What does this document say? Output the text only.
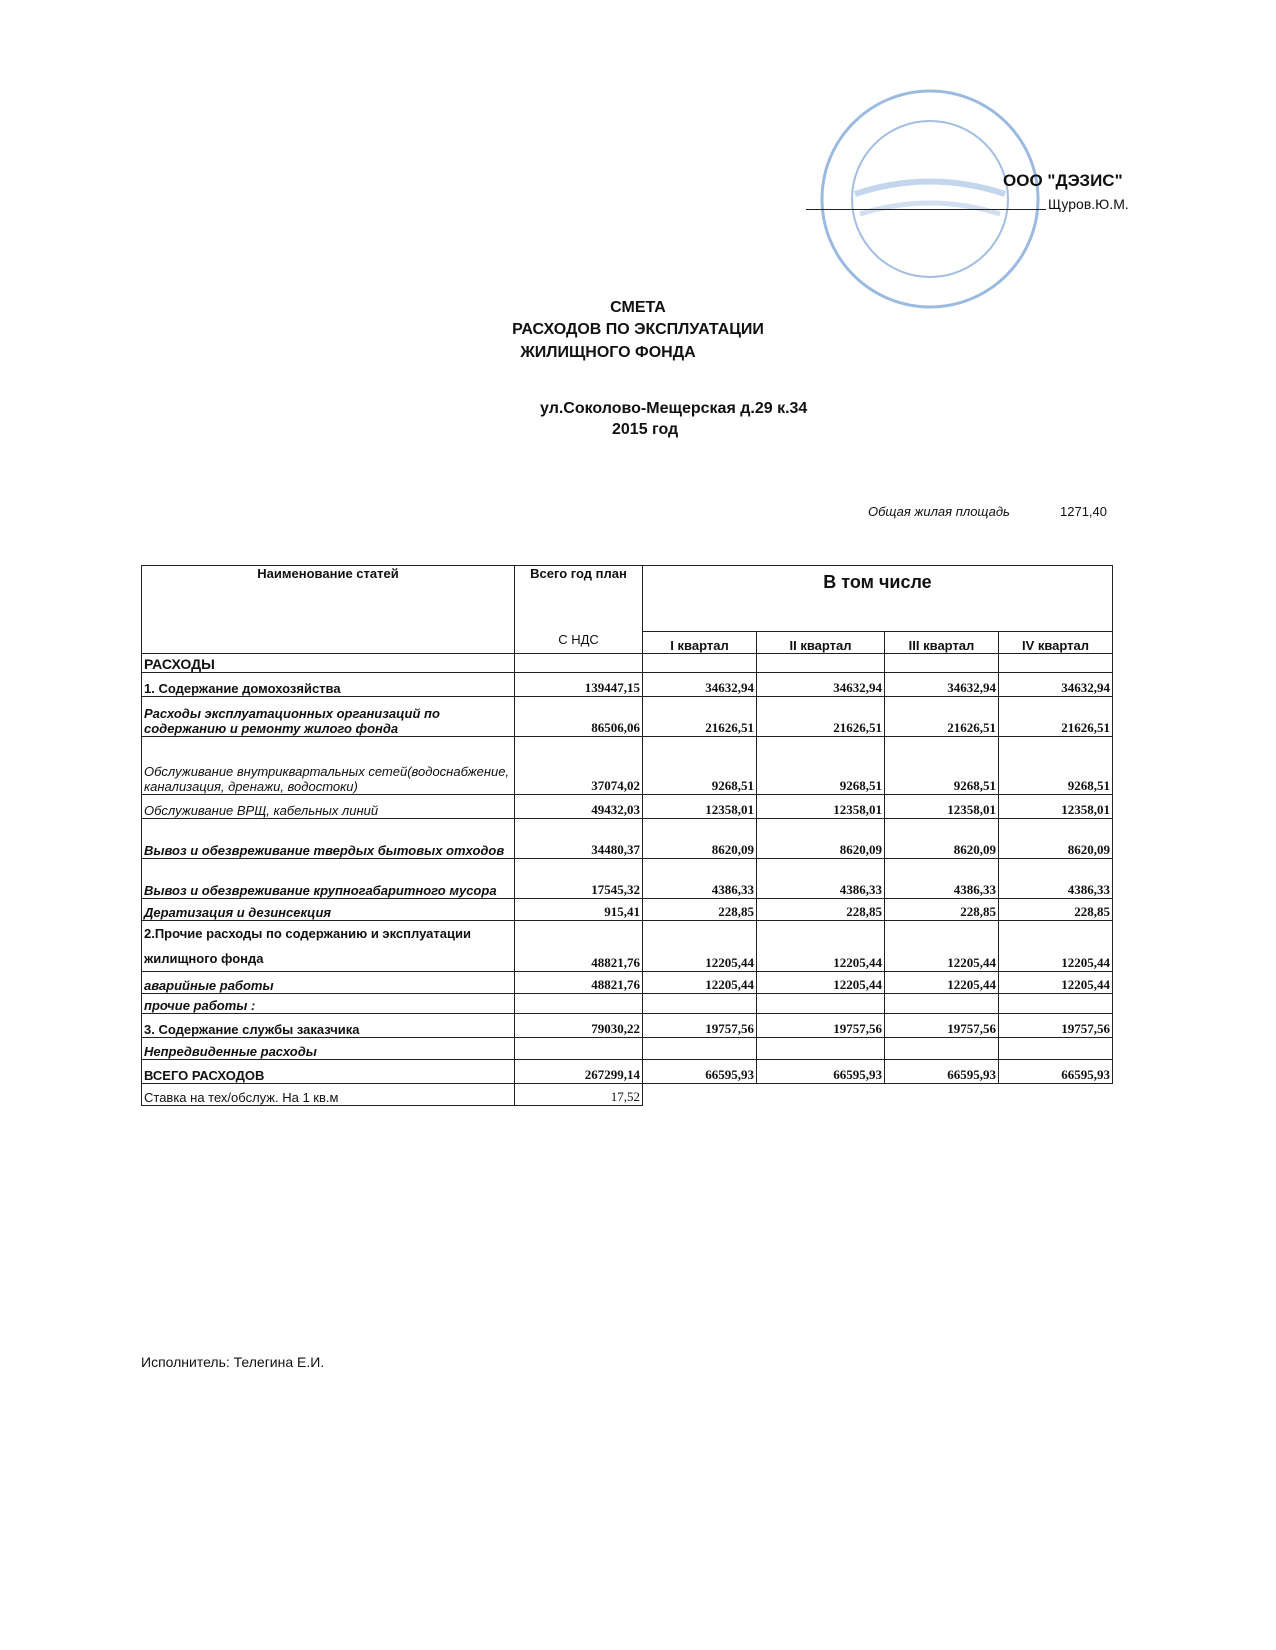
ООО "ДЭЗИС"
Щуров.Ю.М.
СМЕТА
РАСХОДОВ ПО ЭКСПЛУАТАЦИИ
ЖИЛИЩНОГО ФОНДА
ул.Соколово-Мещерская д.29 к.34
2015 год
Общая жилая площадь	1271,40
Наименование статей	Всего год план	В том числе			
	С НДС	I квартал	II квартал	III квартал	IV квартал
РАСХОДЫ					
1. Содержание домохозяйства	139447,15	34632,94	34632,94	34632,94	34632,94
Расходы эксплуатационных организаций по содержанию и ремонту жилого фонда	86506,06	21626,51	21626,51	21626,51	21626,51
Обслуживание внутриквартальных сетей(водоснабжение, канализация, дренажи, водостоки)	37074,02	9268,51	9268,51	9268,51	9268,51
Обслуживание ВРЩ, кабельных линий	49432,03	12358,01	12358,01	12358,01	12358,01
Вывоз и обезвреживание твердых бытовых отходов	34480,37	8620,09	8620,09	8620,09	8620,09
Вывоз и обезвреживание крупногабаритного мусора	17545,32	4386,33	4386,33	4386,33	4386,33
Дератизация и дезинсекция	915,41	228,85	228,85	228,85	228,85
2.Прочие расходы по содержанию и эксплуатации жилищного фонда	48821,76	12205,44	12205,44	12205,44	12205,44
аварийные работы	48821,76	12205,44	12205,44	12205,44	12205,44
прочие работы :					
3. Содержание службы заказчика	79030,22	19757,56	19757,56	19757,56	19757,56
Непредвиденные расходы					
ВСЕГО РАСХОДОВ	267299,14	66595,93	66595,93	66595,93	66595,93
Ставка на тех/обслуж. На 1 кв.м	17,52				
Исполнитель: Телегина Е.И.
